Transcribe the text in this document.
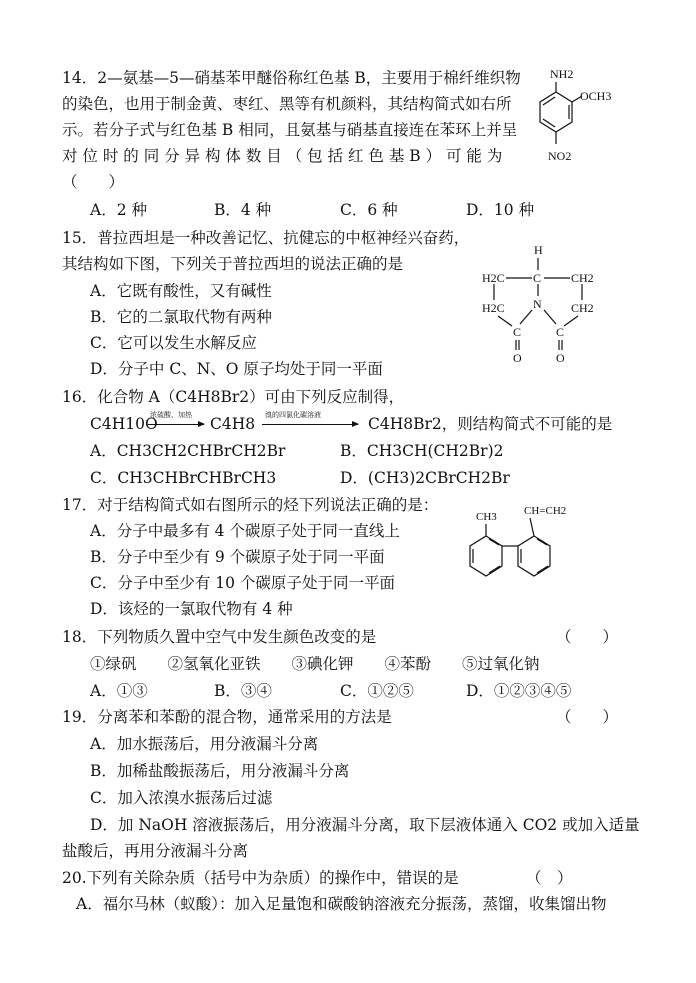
14．2—氨基—5—硝基苯甲醚俗称红色基 B，主要用于棉纤维织物
的染色，也用于制金黄、枣红、黑等有机颜料，其结构简式如右所
示。若分子式与红色基 B 相同，且氨基与硝基直接连在苯环上并呈
对 位 时 的 同 分 异 构 体 数 目 （ 包 括 红 色 基 B ） 可 能 为
（　　）
A．2 种	B．4 种	C．6 种	D．10 种
NH2
OCH3
NO2
15．普拉西坦是一种改善记忆、抗健忘的中枢神经兴奋药，
其结构如下图，下列关于普拉西坦的说法正确的是
A．它既有酸性，又有碱性
B．它的二氯取代物有两种
C．它可以发生水解反应
D．分子中 C、N、O 原子均处于同一平面
H
H2C C CH2
H2C	CH2
N
C	C
O	O
16．化合物 A（C4H8Br2）可由下列反应制得，
C4H10O
浓硫酸、加热 C4H8 溴的四氯化碳溶液	C4H8Br2，则结构简式不可能的是
A．CH3CH2CHBrCH2Br	B．CH3CH(CH2Br)2
C．CH3CHBrCHBrCH3	D．(CH3)2CBrCH2Br
17．对于结构简式如右图所示的烃下列说法正确的是：
A．分子中最多有 4 个碳原子处于同一直线上
B．分子中至少有 9 个碳原子处于同一平面
C．分子中至少有 10 个碳原子处于同一平面
D．该烃的一氯取代物有 4 种
CH3 CH=CH2
18．下列物质久置中空气中发生颜色改变的是	（　　）
①绿矾　　②氢氧化亚铁　　③碘化钾　　④苯酚　　⑤过氧化钠
A．①③	B．③④	C．①②⑤	D．①②③④⑤
19．分离苯和苯酚的混合物，通常采用的方法是	（　　）
A．加水振荡后，用分液漏斗分离
B．加稀盐酸振荡后，用分液漏斗分离
C．加入浓溴水振荡后过滤
D．加 NaOH 溶液振荡后，用分液漏斗分离，取下层液体通入 CO2 或加入适量
盐酸后，再用分液漏斗分离
20.下列有关除杂质（括号中为杂质）的操作中，错误的是	（　）
A．福尔马林（蚁酸）：加入足量饱和碳酸钠溶液充分振荡，蒸馏，收集馏出物
